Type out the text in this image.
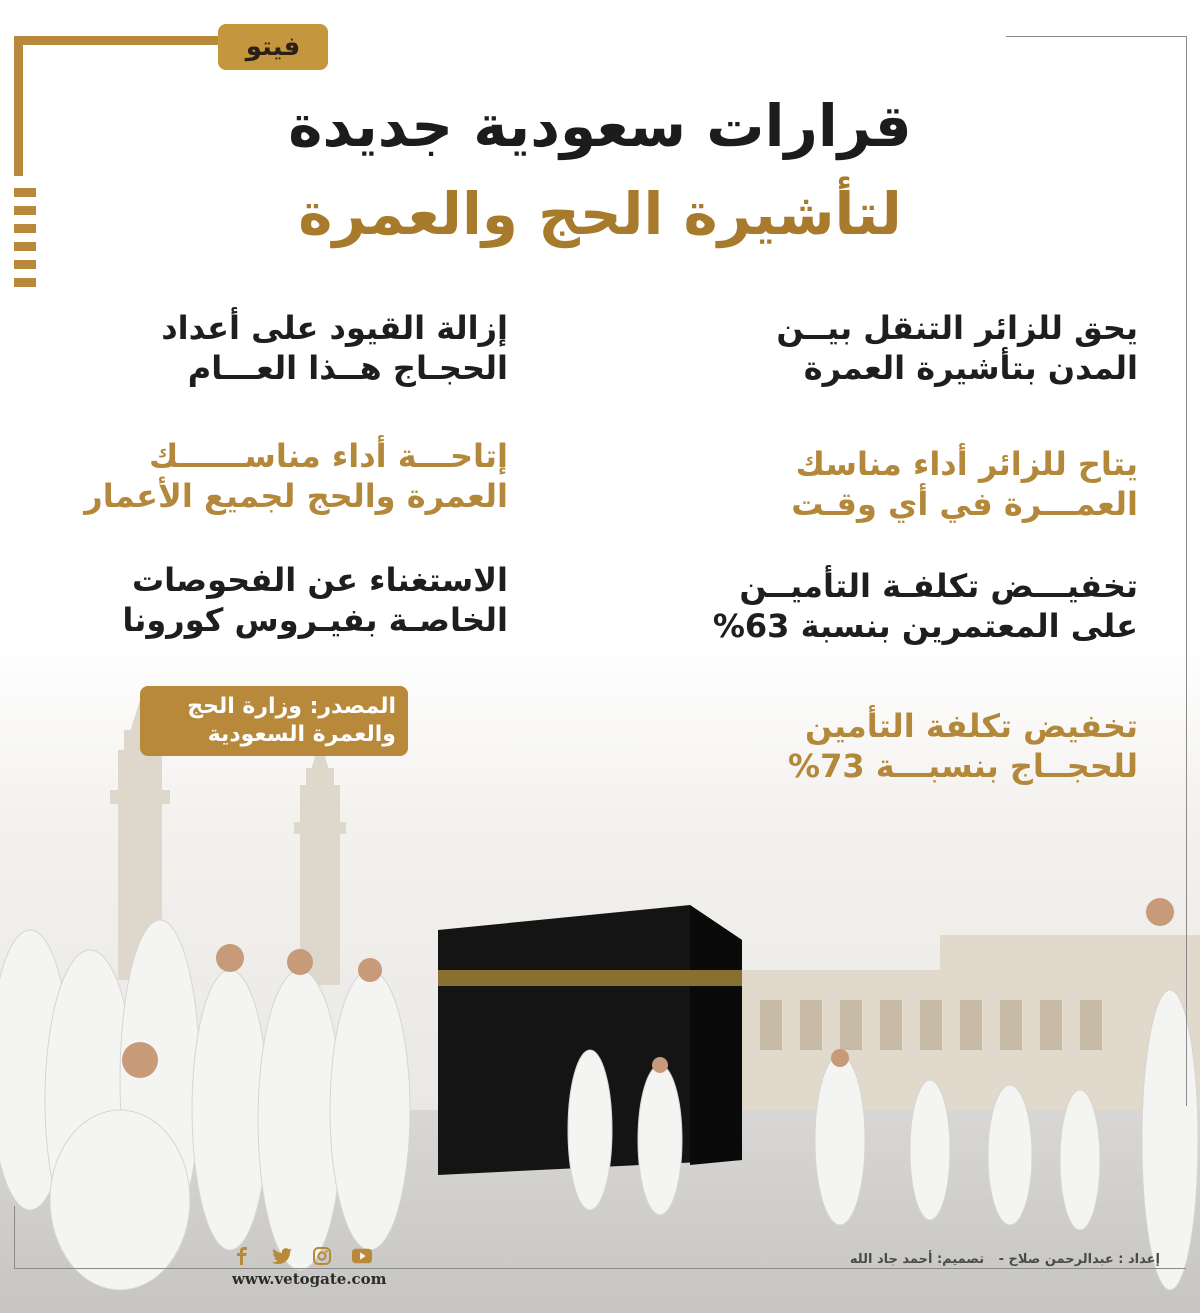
فيتو
قرارات سعودية جديدة
لتأشيرة الحج والعمرة
يحق للزائر التنقل بيــن
المدن بتأشيرة العمرة
يتاح للزائر أداء مناسك
العمـــرة في أي وقـت
تخفيـــض تكلفـة التأميــن
على المعتمرين بنسبة 63%
تخفيض تكلفة التأمين
للحجــاج بنسبـــة 73%
إزالة القيود على أعداد
الحجـاج هــذا العـــام
إتاحـــة أداء مناســــــك
العمرة والحج لجميع الأعمار
الاستغناء عن الفحوصات
الخاصـة بفيـروس كورونا
المصدر: وزارة الحج
والعمرة السعودية
إعداد : عبدالرحمن صلاح - تصميم: أحمد جاد الله
www.vetogate.com
